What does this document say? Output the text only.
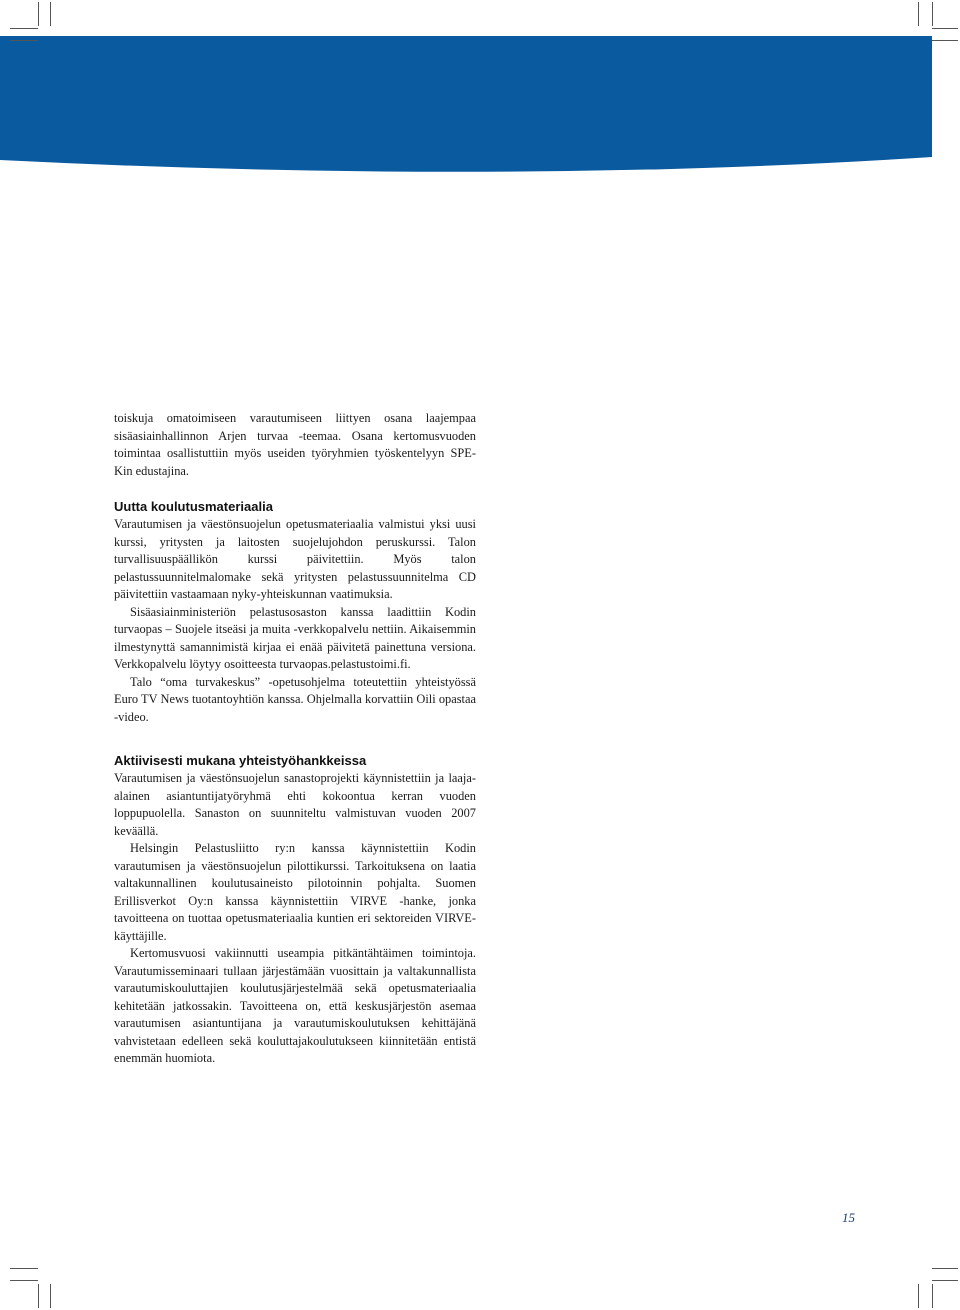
toiskuja omatoimiseen varautumiseen liittyen osana laajempaa sisäasiainhallinnon Arjen turvaa -teemaa. Osana kertomusvuoden toimintaa osallistuttiin myös useiden työryhmien työskentelyyn SPE-Kin edustajina.

Uutta koulutusmateriaalia

Varautumisen ja väestönsuojelun opetusmateriaalia valmistui yksi uusi kurssi, yritysten ja laitosten suojelujohdon peruskurssi. Talon turvallisuuspäällikön kurssi päivitettiin. Myös talon pelastussuunnitelmalomake sekä yritysten pelastussuunnitelma CD päivitettiin vastaamaan nyky-yhteiskunnan vaatimuksia.

Sisäasiainministeriön pelastusosaston kanssa laadittiin Kodin turvaopas – Suojele itseäsi ja muita -verkkopalvelu nettiin. Aikaisemmin ilmestynyttä samannimistä kirjaa ei enää päivitetä painettuna versiona. Verkkopalvelu löytyy osoitteesta turvaopas.pelastustoimi.fi.

Talo “oma turvakeskus” -opetusohjelma toteutettiin yhteistyössä Euro TV News tuotantoyhtiön kanssa. Ohjelmalla korvattiin Oili opastaa -video.

Aktiivisesti mukana yhteistyöhankkeissa

Varautumisen ja väestönsuojelun sanastoprojekti käynnistettiin ja laaja-alainen asiantuntijatyöryhmä ehti kokoontua kerran vuoden loppupuolella. Sanaston on suunniteltu valmistuvan vuoden 2007 keväällä.

Helsingin Pelastusliitto ry:n kanssa käynnistettiin Kodin varautumisen ja väestönsuojelun pilottikurssi. Tarkoituksena on laatia valtakunnallinen koulutusaineisto pilotoinnin pohjalta. Suomen Erillisverkot Oy:n kanssa käynnistettiin VIRVE -hanke, jonka tavoitteena on tuottaa opetusmateriaalia kuntien eri sektoreiden VIRVE- käyttäjille.

Kertomusvuosi vakiinnutti useampia pitkäntähtäimen toimintoja. Varautumisseminaari tullaan järjestämään vuosittain ja valtakunnallista varautumiskouluttajien koulutusjärjestelmää sekä opetusmateriaalia kehitetään jatkossakin. Tavoitteena on, että keskusjärjestön asemaa varautumisen asiantuntijana ja varautumiskoulutuksen kehittäjänä vahvistetaan edelleen sekä kouluttajakoulutukseen kiinnitetään entistä enemmän huomiota.

15
